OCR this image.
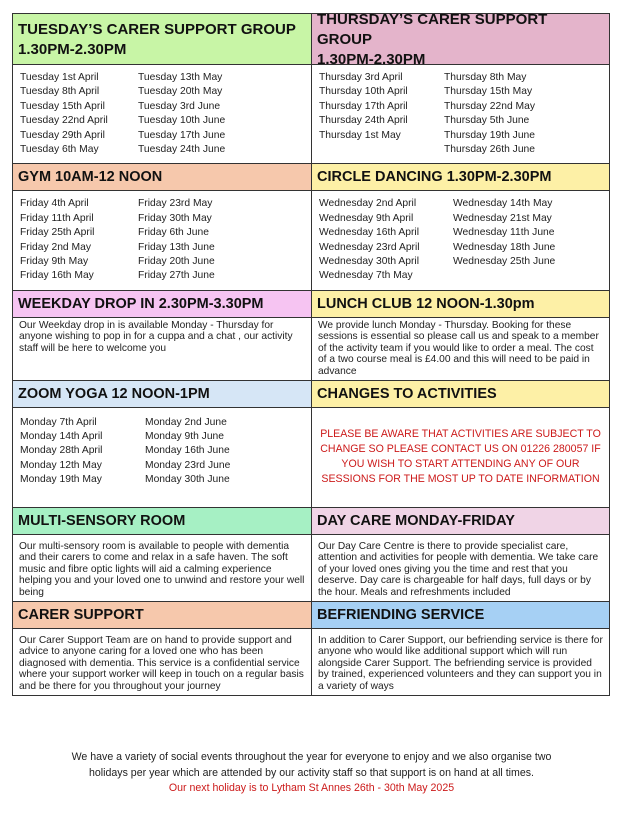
TUESDAY’S CARER SUPPORT GROUP
1.30PM-2.30PM
Tuesday 1st April
Tuesday 8th April
Tuesday 15th April
Tuesday 22nd April
Tuesday 29th April
Tuesday 6th May
Tuesday 13th May
Tuesday 20th May
Tuesday 3rd June
Tuesday 10th June
Tuesday 17th June
Tuesday 24th June
THURSDAY’S CARER SUPPORT GROUP
1.30PM-2.30PM
Thursday 3rd April
Thursday 10th April
Thursday 17th April
Thursday 24th April
Thursday 1st May
Thursday 8th May
Thursday 15th May
Thursday 22nd May
Thursday 5th June
Thursday 19th June
Thursday 26th June
GYM 10AM-12 NOON
Friday 4th April
Friday 11th April
Friday 25th April
Friday 2nd May
Friday 9th May
Friday 16th May
Friday 23rd May
Friday 30th May
Friday 6th June
Friday 13th June
Friday 20th June
Friday 27th June
CIRCLE DANCING 1.30PM-2.30PM
Wednesday 2nd April
Wednesday 9th April
Wednesday 16th April
Wednesday 23rd April
Wednesday 30th April
Wednesday 7th May
Wednesday 14th May
Wednesday 21st May
Wednesday 11th June
Wednesday 18th June
Wednesday 25th June
WEEKDAY DROP IN 2.30PM-3.30PM
Our Weekday drop in is available Monday - Thursday for anyone wishing to pop in for a cuppa and a chat , our activity staff will be here to welcome you
LUNCH CLUB 12 NOON-1.30pm
We provide lunch Monday - Thursday. Booking for these sessions is essential so please call us and speak to a member of the activity team if you would like to order a meal. The cost of a two course meal is £4.00 and this will need to be paid in advance
ZOOM YOGA 12 NOON-1PM
Monday 7th April
Monday 14th April
Monday 28th April
Monday 12th May
Monday 19th May
Monday 2nd June
Monday 9th June
Monday 16th June
Monday 23rd June
Monday 30th June
CHANGES TO ACTIVITIES
PLEASE BE AWARE THAT ACTIVITIES ARE SUBJECT TO CHANGE SO PLEASE CONTACT US ON 01226 280057 IF YOU WISH TO START ATTENDING ANY OF OUR SESSIONS FOR THE MOST UP TO DATE INFORMATION
MULTI-SENSORY ROOM
Our multi-sensory room is available to people with dementia and their carers to come and relax in a safe haven. The soft music and fibre optic lights will aid a calming experience helping you and your loved one to unwind and restore your well being
DAY CARE MONDAY-FRIDAY
Our Day Care Centre is there to provide specialist care, attention and activities for people with dementia. We take care of your loved ones giving you the time and rest that you deserve. Day care is chargeable for half days, full days or by the hour. Meals and refreshments included
CARER SUPPORT
Our Carer Support Team are on hand to provide support and advice to anyone caring for a loved one who has been diagnosed with dementia. This service is a confidential service where your support worker will keep in touch on a regular basis and be there for you throughout your journey
BEFRIENDING SERVICE
In addition to Carer Support, our befriending service is there for anyone who would like additional support which will run alongside Carer Support. The befriending service is provided by trained, experienced volunteers and they can support you in a variety of ways
We have a variety of social events throughout the year for everyone to enjoy and we also organise two
holidays per year which are attended by our activity staff so that support is on hand at all times.
Our next holiday is to Lytham St Annes 26th - 30th May 2025
